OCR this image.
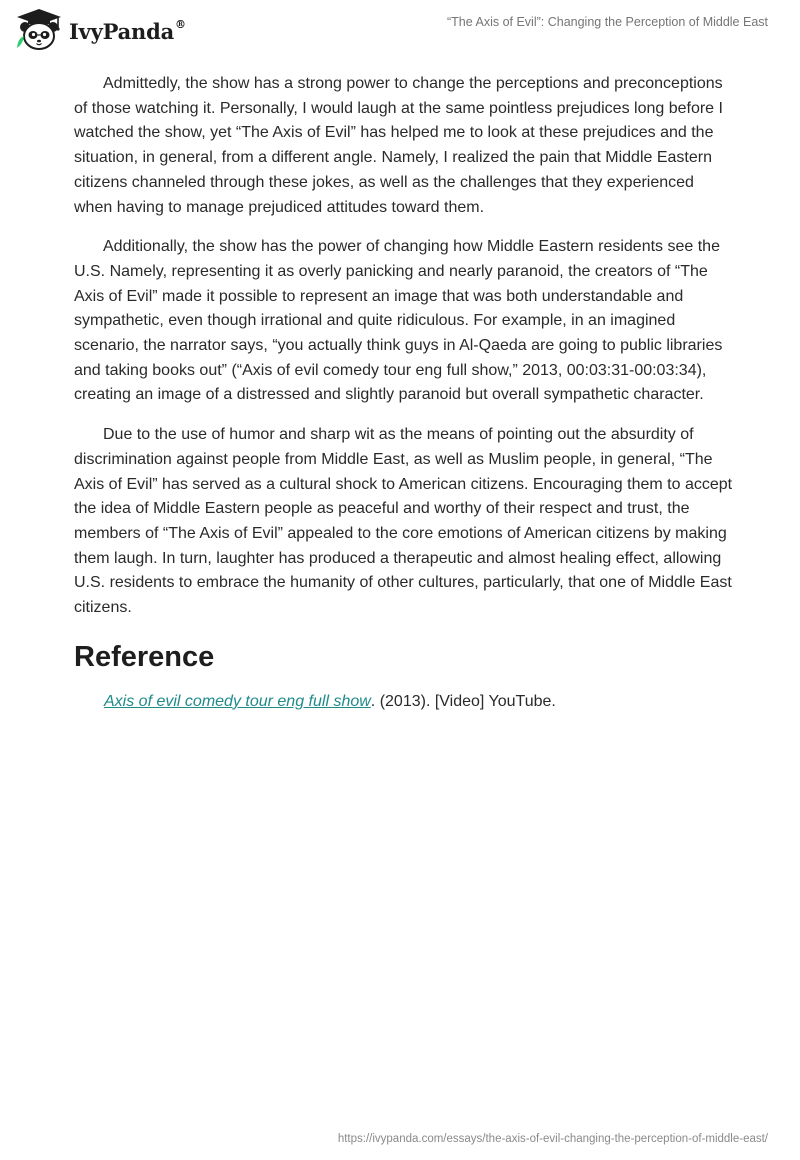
IvyPanda®	“The Axis of Evil”: Changing the Perception of Middle East

Admittedly, the show has a strong power to change the perceptions and preconceptions of those watching it. Personally, I would laugh at the same pointless prejudices long before I watched the show, yet “The Axis of Evil” has helped me to look at these prejudices and the situation, in general, from a different angle. Namely, I realized the pain that Middle Eastern citizens channeled through these jokes, as well as the challenges that they experienced when having to manage prejudiced attitudes toward them.

Additionally, the show has the power of changing how Middle Eastern residents see the U.S. Namely, representing it as overly panicking and nearly paranoid, the creators of “The Axis of Evil” made it possible to represent an image that was both understandable and sympathetic, even though irrational and quite ridiculous. For example, in an imagined scenario, the narrator says, “you actually think guys in Al-Qaeda are going to public libraries and taking books out” (“Axis of evil comedy tour eng full show,” 2013, 00:03:31-00:03:34), creating an image of a distressed and slightly paranoid but overall sympathetic character.

Due to the use of humor and sharp wit as the means of pointing out the absurdity of discrimination against people from Middle East, as well as Muslim people, in general, “The Axis of Evil” has served as a cultural shock to American citizens. Encouraging them to accept the idea of Middle Eastern people as peaceful and worthy of their respect and trust, the members of “The Axis of Evil” appealed to the core emotions of American citizens by making them laugh. In turn, laughter has produced a therapeutic and almost healing effect, allowing U.S. residents to embrace the humanity of other cultures, particularly, that one of Middle East citizens.

Reference
Axis of evil comedy tour eng full show. (2013). [Video] YouTube.
https://ivypanda.com/essays/the-axis-of-evil-changing-the-perception-of-middle-east/
